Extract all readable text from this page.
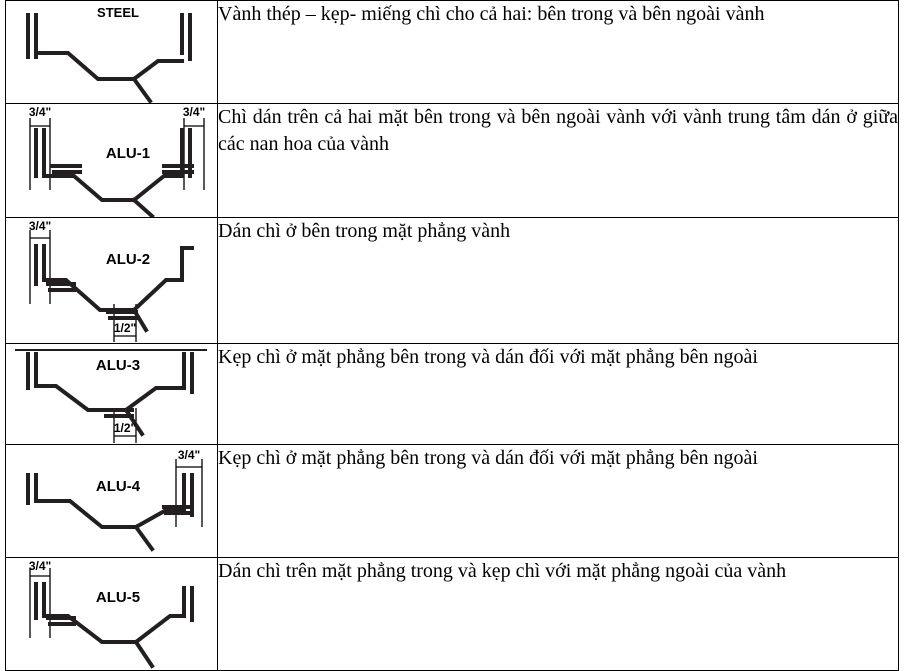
STEEL	Vành thép – kẹp- miếng chì cho cả hai: bên trong và bên ngoài vành

ALU-1
3/4" 3/4"	Chì dán trên cả hai mặt bên trong và bên ngoài vành với vành trung tâm dán ở giữa các nan hoa của vành

ALU-2
3/4"
1/2"	Dán chì ở bên trong mặt phẳng vành

ALU-3
1/2"	Kẹp chì ở mặt phẳng bên trong và dán đối với mặt phẳng bên ngoài

ALU-4
3/4"	Kẹp chì ở mặt phẳng bên trong và dán đối với mặt phẳng bên ngoài

ALU-5
3/4"	Dán chì trên mặt phẳng trong và kẹp chì với mặt phẳng ngoài của vành
